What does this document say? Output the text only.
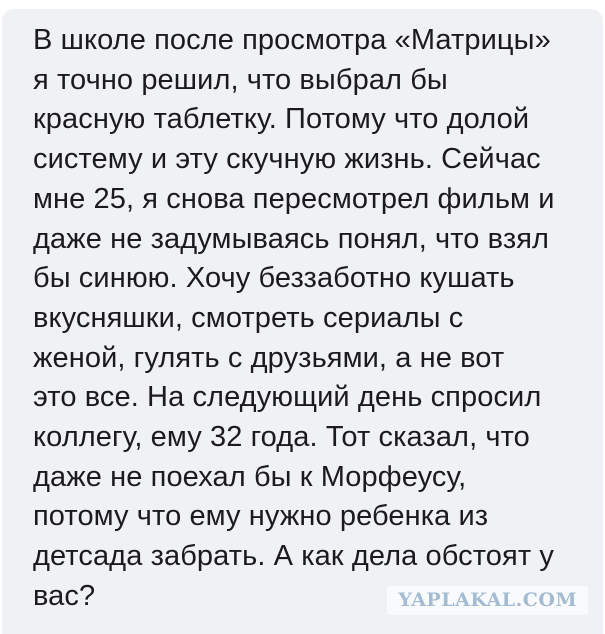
В школе после просмотра «Матрицы»
я точно решил, что выбрал бы
красную таблетку. Потому что долой
систему и эту скучную жизнь. Сейчас
мне 25, я снова пересмотрел фильм и
даже не задумываясь понял, что взял
бы синюю. Хочу беззаботно кушать
вкусняшки, смотреть сериалы с
женой, гулять с друзьями, а не вот
это все. На следующий день спросил
коллегу, ему 32 года. Тот сказал, что
даже не поехал бы к Морфеусу,
потому что ему нужно ребенка из
детсада забрать. А как дела обстоят у
вас?	YAPLAKAL.COM
